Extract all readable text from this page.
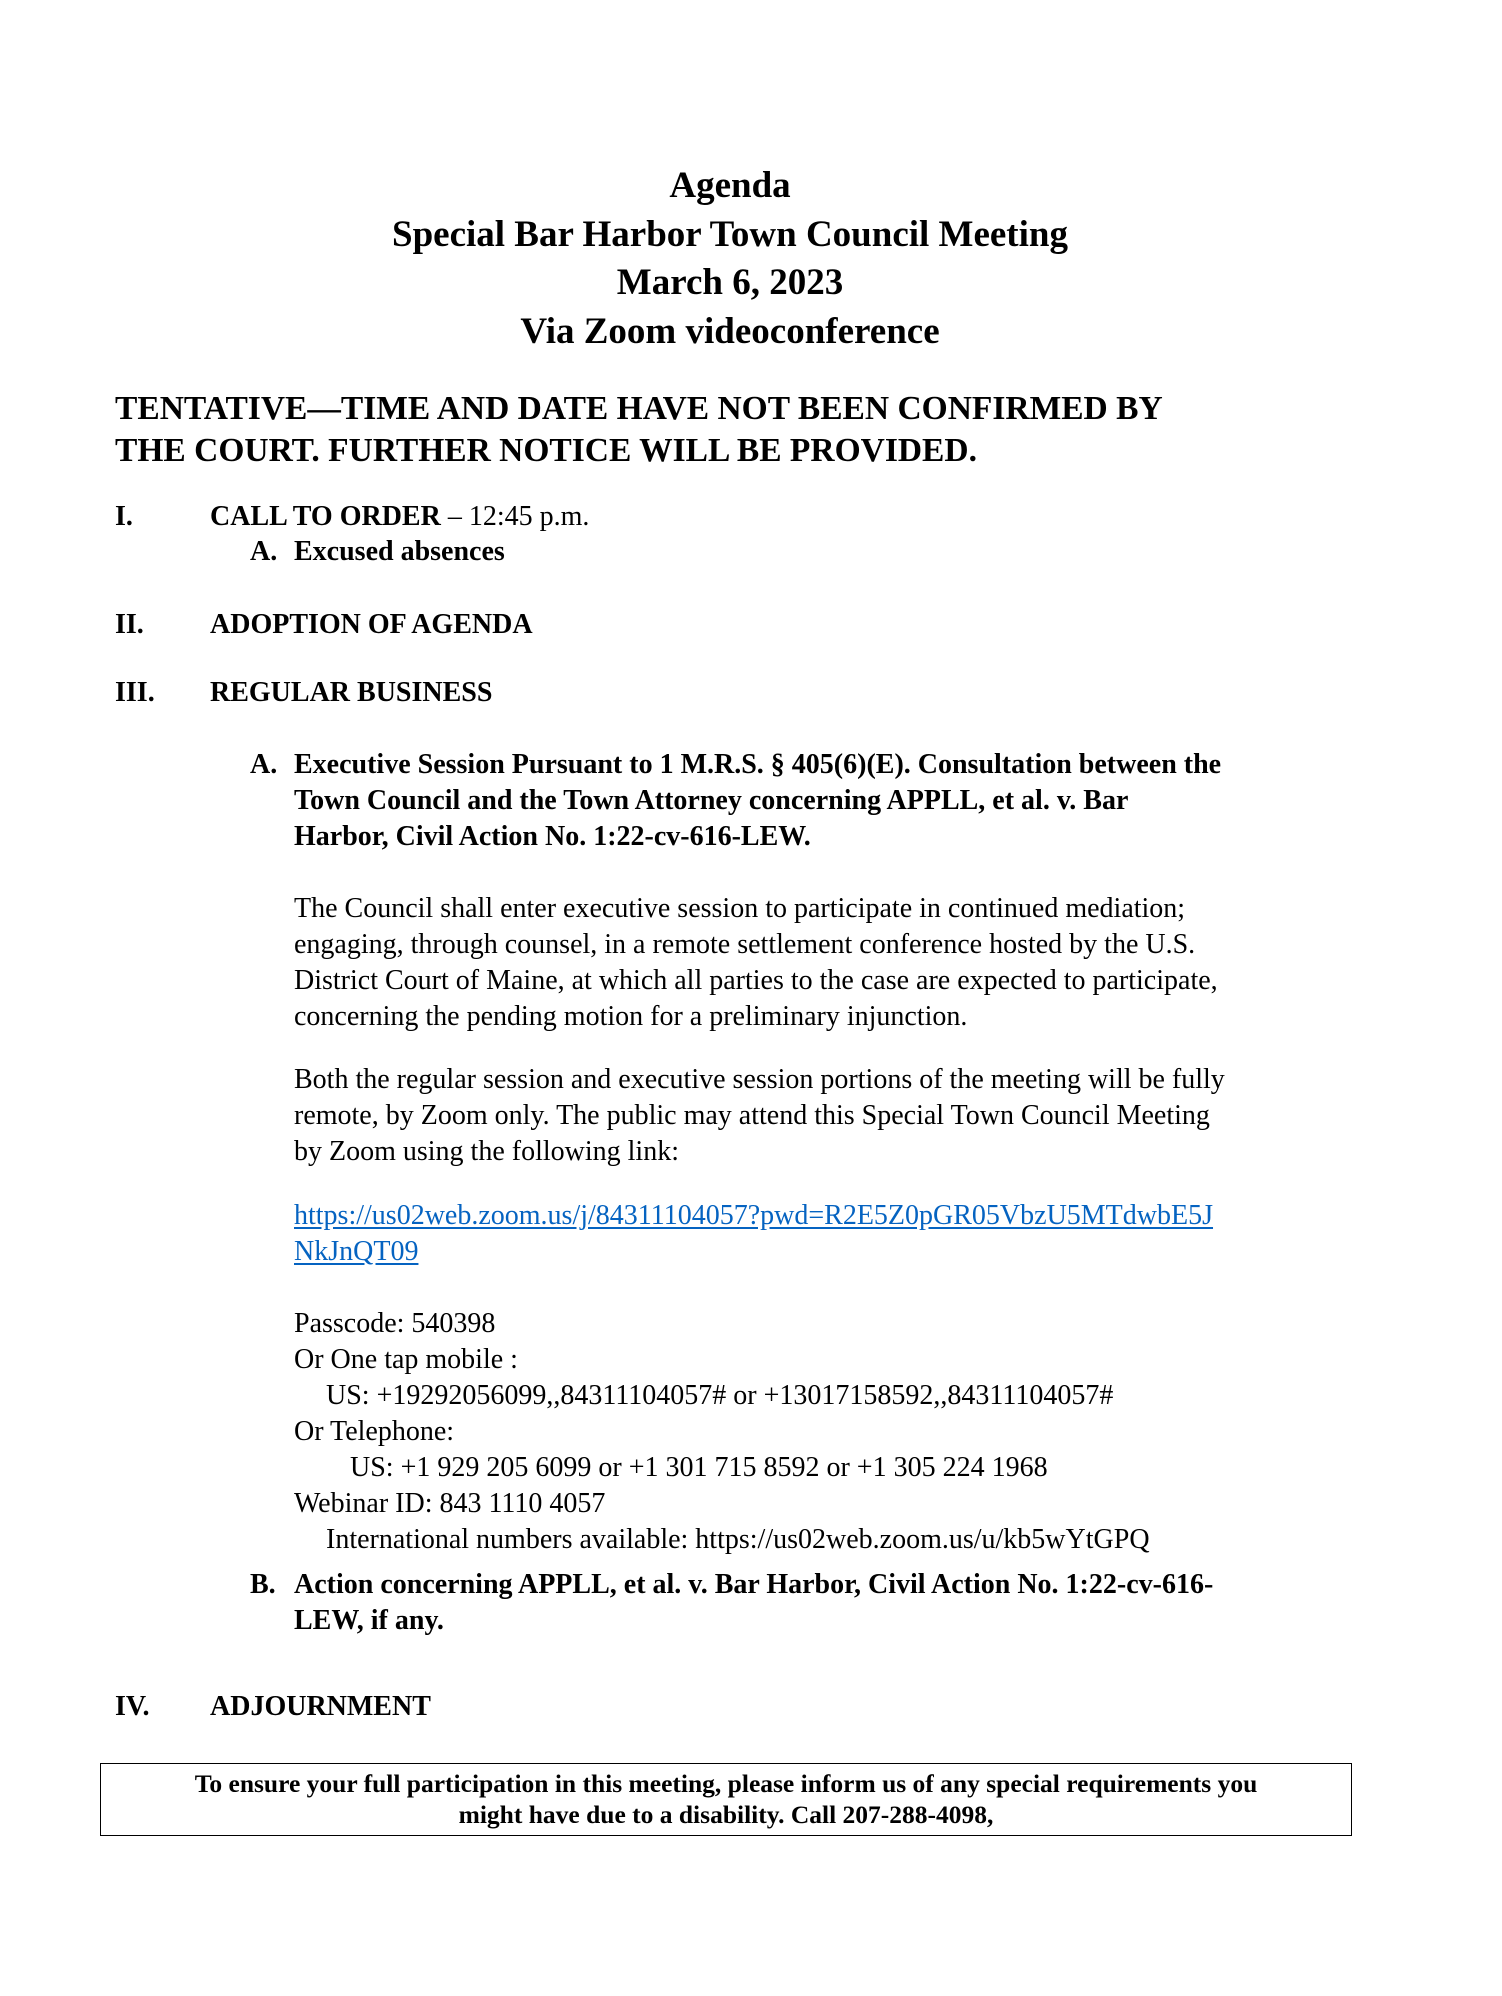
Agenda
Special Bar Harbor Town Council Meeting
March 6, 2023
Via Zoom videoconference
TENTATIVE—TIME AND DATE HAVE NOT BEEN CONFIRMED BY
THE COURT. FURTHER NOTICE WILL BE PROVIDED.
I.	CALL TO ORDER – 12:45 p.m.
A. Excused absences
II. ADOPTION OF AGENDA
III. REGULAR BUSINESS
A. Executive Session Pursuant to 1 M.R.S. § 405(6)(E). Consultation between the
Town Council and the Town Attorney concerning APPLL, et al. v. Bar
Harbor, Civil Action No. 1:22-cv-616-LEW.
The Council shall enter executive session to participate in continued mediation;
engaging, through counsel, in a remote settlement conference hosted by the U.S.
District Court of Maine, at which all parties to the case are expected to participate,
concerning the pending motion for a preliminary injunction.
Both the regular session and executive session portions of the meeting will be fully
remote, by Zoom only. The public may attend this Special Town Council Meeting
by Zoom using the following link:
https://us02web.zoom.us/j/84311104057?pwd=R2E5Z0pGR05VbzU5MTdwbE5J
NkJnQT09
Passcode: 540398
Or One tap mobile :
US: +19292056099,,84311104057# or +13017158592,,84311104057#
Or Telephone:
US: +1 929 205 6099 or +1 301 715 8592 or +1 305 224 1968
Webinar ID: 843 1110 4057
International numbers available: https://us02web.zoom.us/u/kb5wYtGPQ
B. Action concerning APPLL, et al. v. Bar Harbor, Civil Action No. 1:22-cv-616-
LEW, if any.
IV. ADJOURNMENT
To ensure your full participation in this meeting, please inform us of any special requirements you
might have due to a disability. Call 207-288-4098,
